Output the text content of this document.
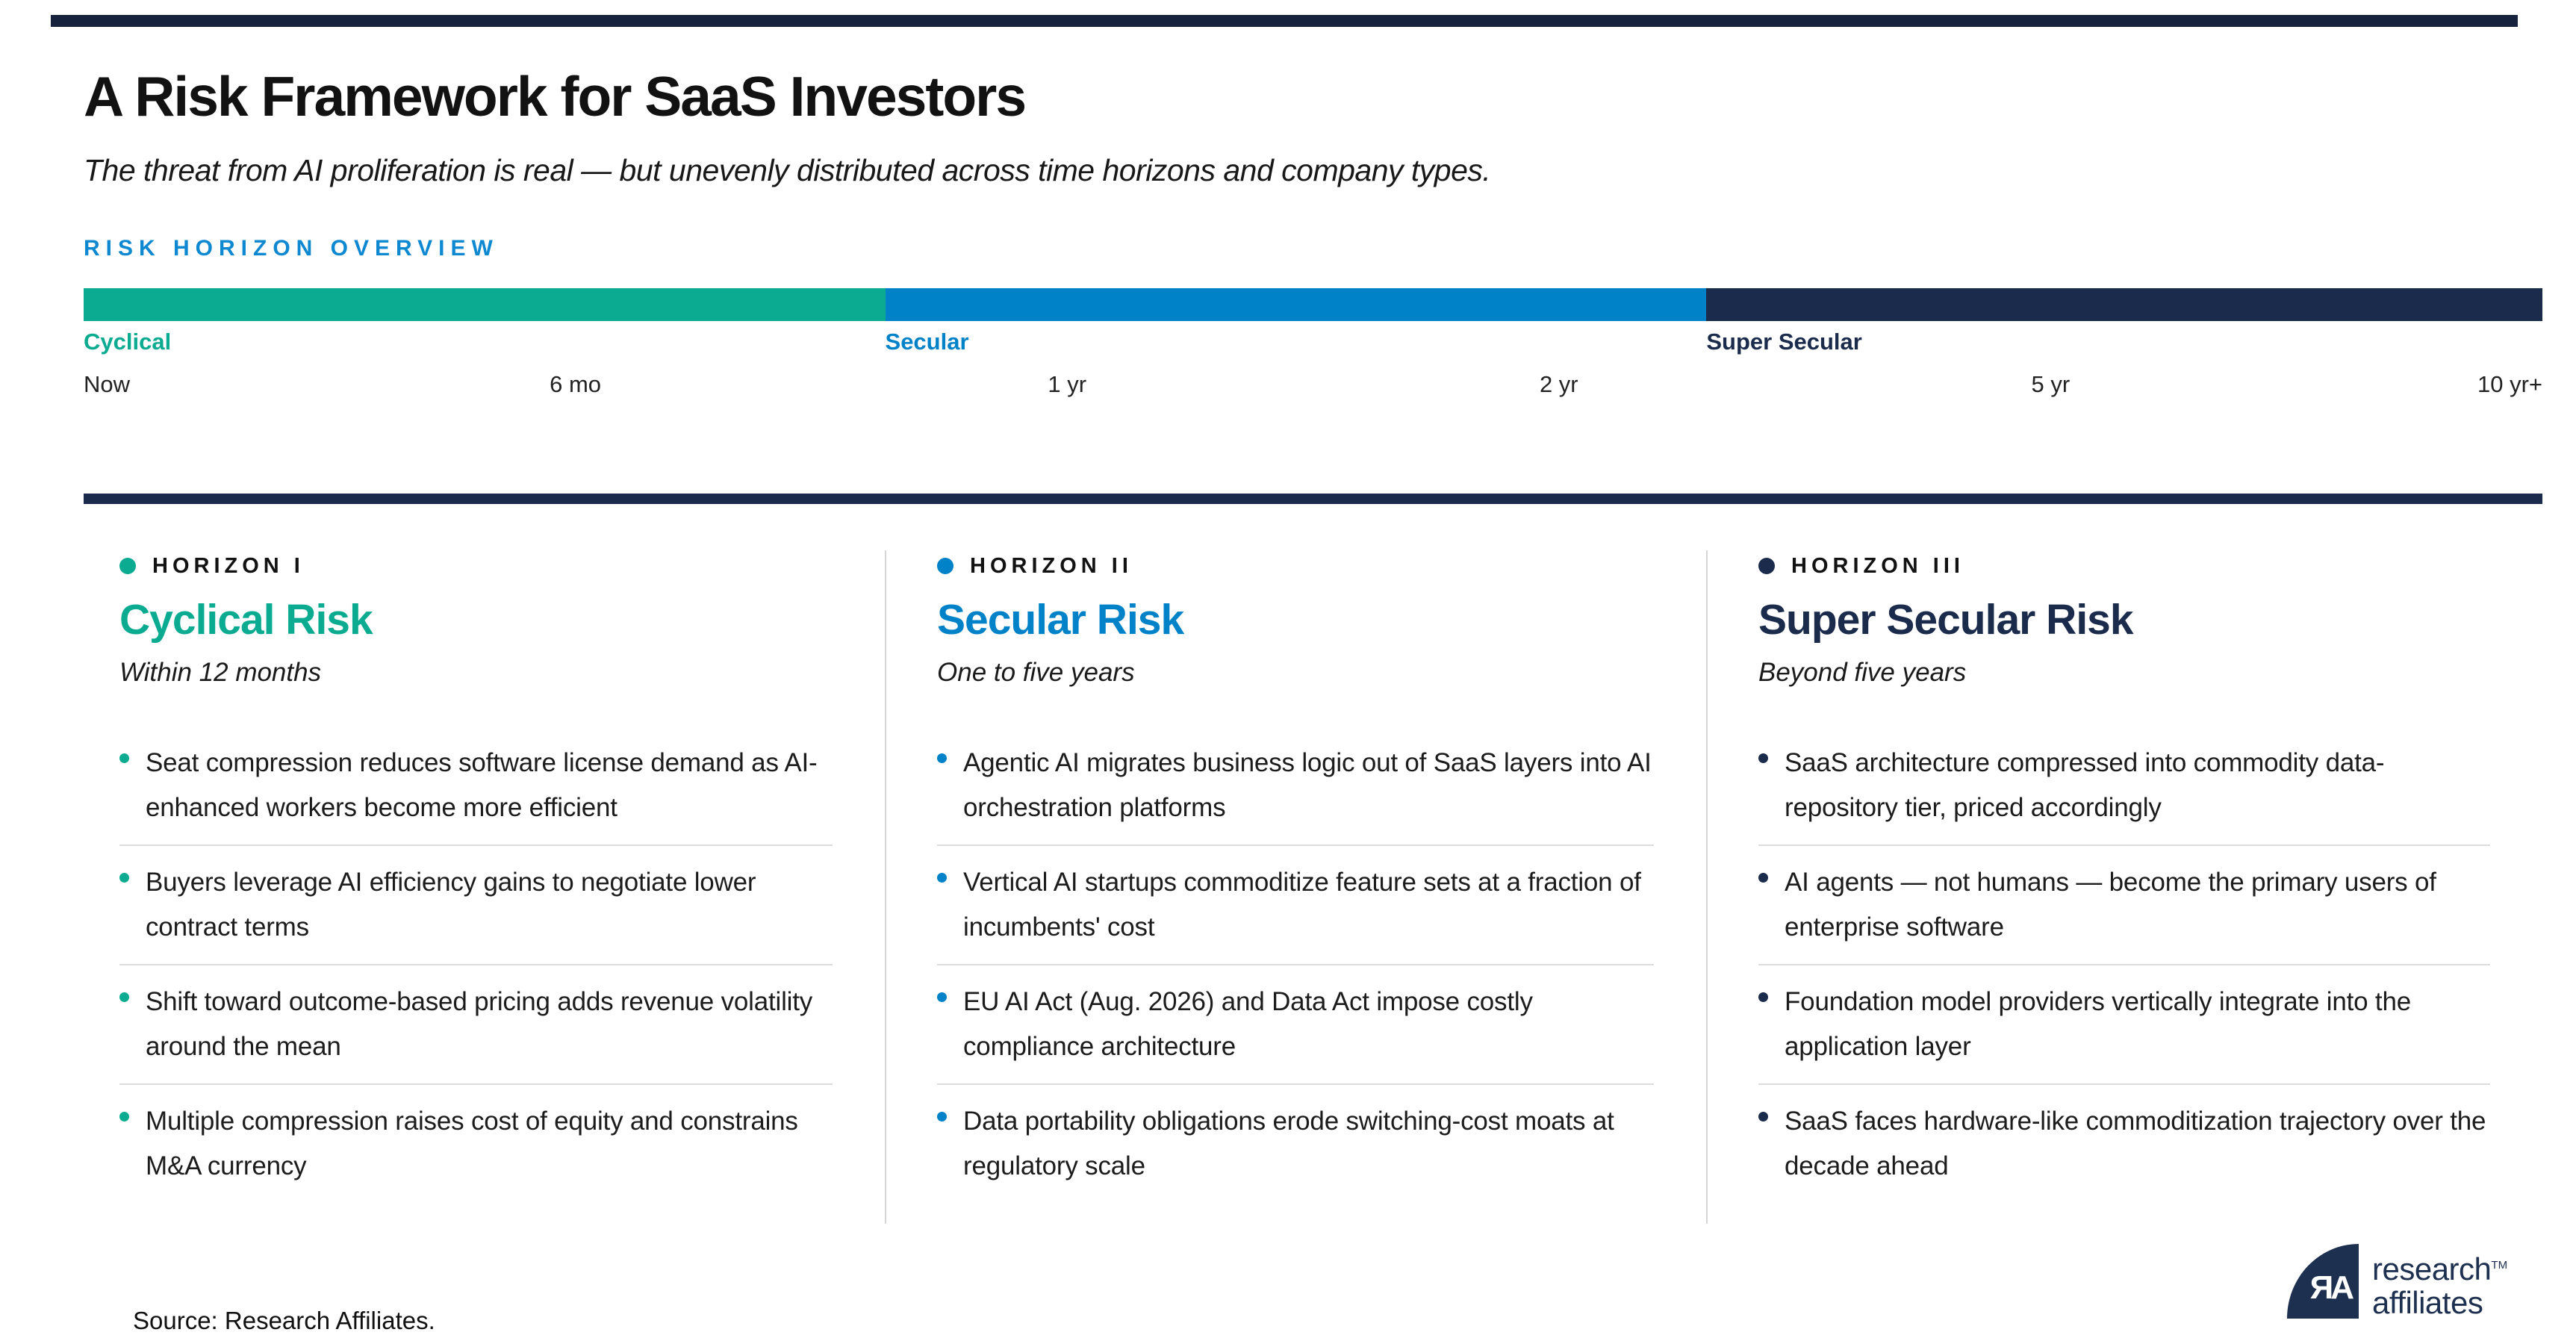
A Risk Framework for SaaS Investors

The threat from AI proliferation is real — but unevenly distributed across time horizons and company types.

RISK HORIZON OVERVIEW
Cyclical	Secular	Super Secular
Now	6 mo	1 yr	2 yr	5 yr	10 yr+
HORIZON I
Cyclical Risk

Within 12 months

Seat compression reduces software license demand as AI-enhanced workers become more efficient
Buyers leverage AI efficiency gains to negotiate lower contract terms
Shift toward outcome-based pricing adds revenue volatility around the mean
Multiple compression raises cost of equity and constrains M&A currency
HORIZON II
Secular Risk

One to five years

Agentic AI migrates business logic out of SaaS layers into AI orchestration platforms
Vertical AI startups commoditize feature sets at a fraction of incumbents' cost
EU AI Act (Aug. 2026) and Data Act impose costly compliance architecture
Data portability obligations erode switching-cost moats at regulatory scale
HORIZON III
Super Secular Risk

Beyond five years

SaaS architecture compressed into commodity data-repository tier, priced accordingly
AI agents — not humans — become the primary users of enterprise software
Foundation model providers vertically integrate into the application layer
SaaS faces hardware-like commoditization trajectory over the decade ahead
Source: Research Affiliates.
ЯA
research™
affiliates
